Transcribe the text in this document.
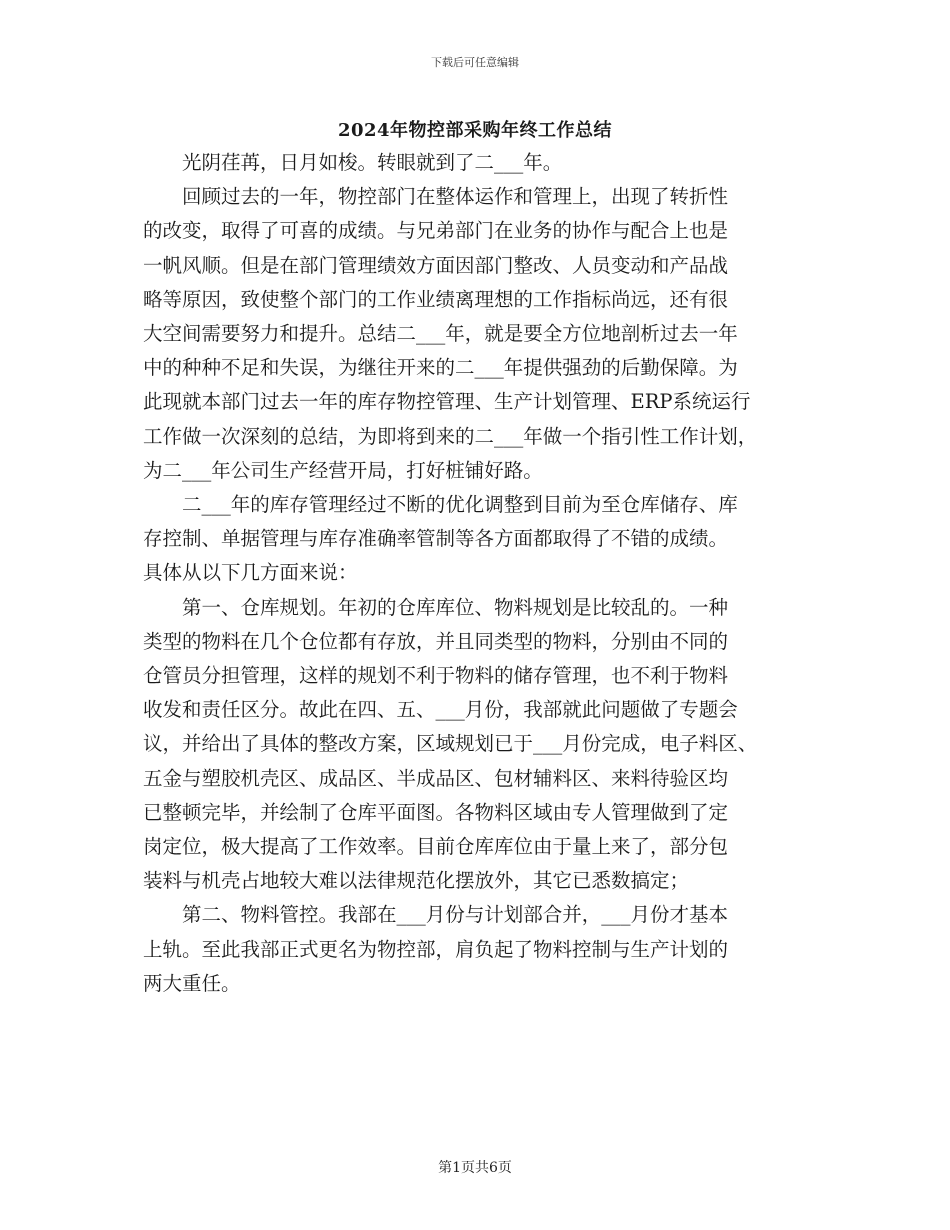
下载后可任意编辑
2024年物控部采购年终工作总结

光阴荏苒，日月如梭。转眼就到了二___年。

回顾过去的一年，物控部门在整体运作和管理上，出现了转折性
的改变，取得了可喜的成绩。与兄弟部门在业务的协作与配合上也是
一帆风顺。但是在部门管理绩效方面因部门整改、人员变动和产品战
略等原因，致使整个部门的工作业绩离理想的工作指标尚远，还有很
大空间需要努力和提升。总结二___年，就是要全方位地剖析过去一年
中的种种不足和失误，为继往开来的二___年提供强劲的后勤保障。为
此现就本部门过去一年的库存物控管理、生产计划管理、ERP系统运行
工作做一次深刻的总结，为即将到来的二___年做一个指引性工作计划，
为二___年公司生产经营开局，打好桩铺好路。

二___年的库存管理经过不断的优化调整到目前为至仓库储存、库
存控制、单据管理与库存准确率管制等各方面都取得了不错的成绩。
具体从以下几方面来说：

第一、仓库规划。年初的仓库库位、物料规划是比较乱的。一种
类型的物料在几个仓位都有存放，并且同类型的物料，分别由不同的
仓管员分担管理，这样的规划不利于物料的储存管理，也不利于物料
收发和责任区分。故此在四、五、___月份，我部就此问题做了专题会
议，并给出了具体的整改方案，区域规划已于___月份完成，电子料区、
五金与塑胶机壳区、成品区、半成品区、包材辅料区、来料待验区均
已整顿完毕，并绘制了仓库平面图。各物料区域由专人管理做到了定
岗定位，极大提高了工作效率。目前仓库库位由于量上来了，部分包
装料与机壳占地较大难以法律规范化摆放外，其它已悉数搞定；

第二、物料管控。我部在___月份与计划部合并，___月份才基本
上轨。至此我部正式更名为物控部，肩负起了物料控制与生产计划的
两大重任。

第1页共6页
